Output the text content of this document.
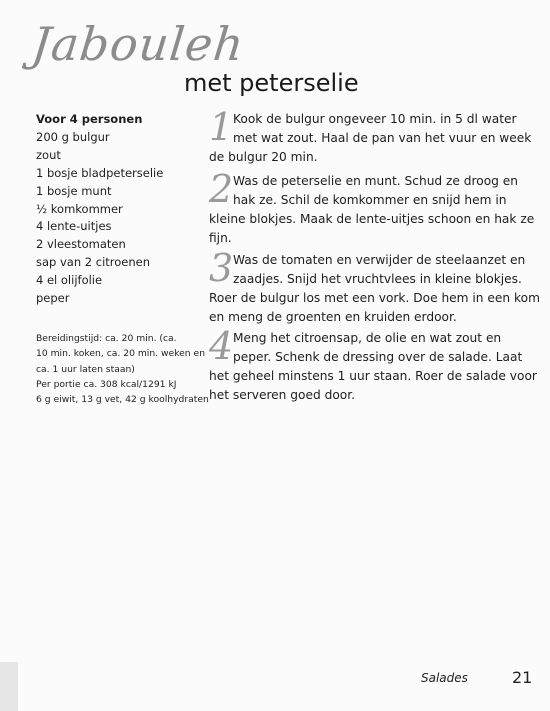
Jabouleh
met peterselie
Voor 4 personen
200 g bulgur
zout
1 bosje bladpeterselie
1 bosje munt
½ komkommer
4 lente-uitjes
2 vleestomaten
sap van 2 citroenen
4 el olijfolie
peper
Bereidingstijd: ca. 20 min. (ca.
10 min. koken, ca. 20 min. weken en
ca. 1 uur laten staan)
Per portie ca. 308 kcal/1291 kJ
6 g eiwit, 13 g vet, 42 g koolhydraten
1 Kook de bulgur ongeveer 10 min. in 5 dl water
met wat zout. Haal de pan van het vuur en week
de bulgur 20 min.
2 Was de peterselie en munt. Schud ze droog en
hak ze. Schil de komkommer en snijd hem in
kleine blokjes. Maak de lente-uitjes schoon en hak ze
fijn.
3 Was de tomaten en verwijder de steelaanzet en
zaadjes. Snijd het vruchtvlees in kleine blokjes.
Roer de bulgur los met een vork. Doe hem in een kom
en meng de groenten en kruiden erdoor.
4 Meng het citroensap, de olie en wat zout en
peper. Schenk de dressing over de salade. Laat
het geheel minstens 1 uur staan. Roer de salade voor
het serveren goed door.
Salades	21
